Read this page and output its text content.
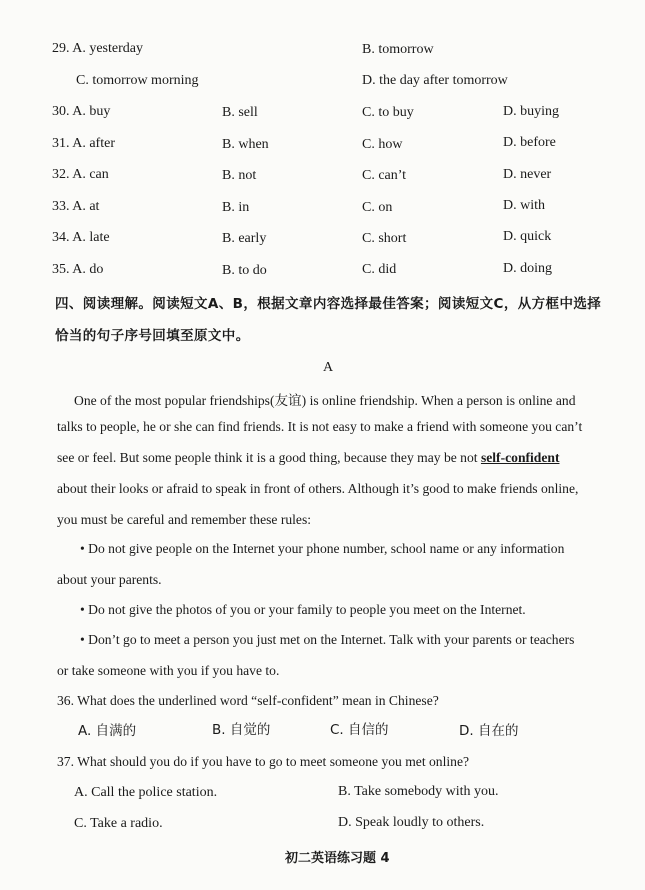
29. A. yesterday	B. tomorrow
C. tomorrow morning	D. the day after tomorrow
30. A. buy	B. sell	C. to buy	D. buying
31. A. after	B. when	C. how	D. before
32. A. can	B. not	C. can’t	D. never
33. A. at	B. in	C. on	D. with
34. A. late	B. early	C. short	D. quick
35. A. do	B. to do	C. did	D. doing
四、阅读理解。阅读短文A、B，根据文章内容选择最佳答案；阅读短文C，从方框中选择
恰当的句子序号回填至原文中。
A
One of the most popular friendships(友谊) is online friendship. When a person is online and
talks to people, he or she can find friends. It is not easy to make a friend with someone you can’t
see or feel. But some people think it is a good thing, because they may be not self-confident
about their looks or afraid to speak in front of others. Although it’s good to make friends online,
you must be careful and remember these rules:
• Do not give people on the Internet your phone number, school name or any information
about your parents.
• Do not give the photos of you or your family to people you meet on the Internet.
• Don’t go to meet a person you just met on the Internet. Talk with your parents or teachers
or take someone with you if you have to.
36. What does the underlined word “self-confident” mean in Chinese?
A. 自满的	B. 自觉的	C. 自信的	D. 自在的
37. What should you do if you have to go to meet someone you met online?
A. Call the police station.	B. Take somebody with you.
C. Take a radio.	D. Speak loudly to others.
初二英语练习题 4
